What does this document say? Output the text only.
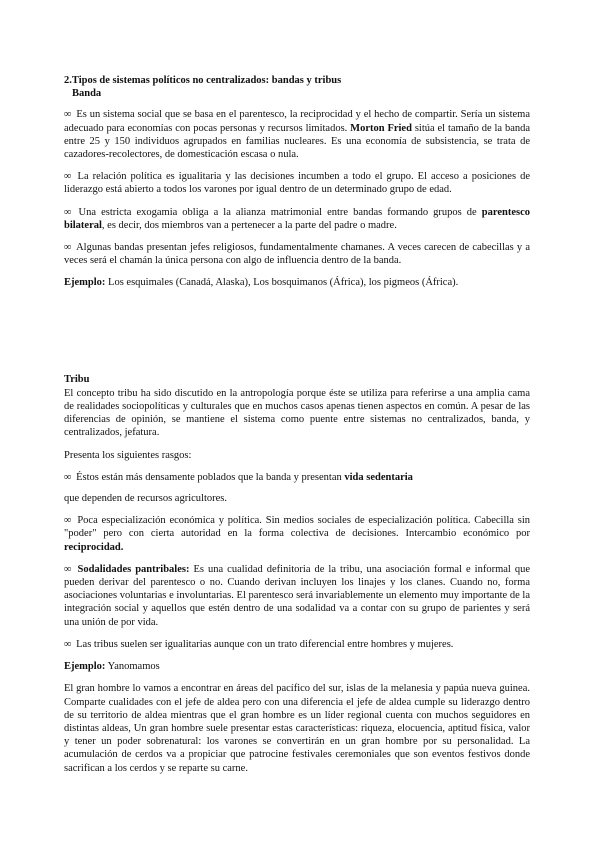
2.Tipos de sistemas políticos no centralizados: bandas y tribus
Banda

∞ Es un sistema social que se basa en el parentesco, la reciprocidad y el hecho de compartir. Sería un sistema adecuado para economías con pocas personas y recursos limitados. Morton Fried sitúa el tamaño de la banda entre 25 y 150 individuos agrupados en familias nucleares. Es una economía de subsistencia, se trata de cazadores-recolectores, de domesticación escasa o nula.

∞ La relación política es igualitaria y las decisiones incumben a todo el grupo. El acceso a posiciones de liderazgo está abierto a todos los varones por igual dentro de un determinado grupo de edad.

∞ Una estricta exogamia obliga a la alianza matrimonial entre bandas formando grupos de parentesco bilateral, es decir, dos miembros van a pertenecer a la parte del padre o madre.

∞ Algunas bandas presentan jefes religiosos, fundamentalmente chamanes. A veces carecen de cabecillas y a veces será el chamán la única persona con algo de influencia dentro de la banda.

Ejemplo: Los esquimales (Canadá, Alaska), Los bosquimanos (África), los pigmeos (África).

Tribu

El concepto tribu ha sido discutido en la antropología porque éste se utiliza para referirse a una amplia cama de realidades sociopolíticas y culturales que en muchos casos apenas tienen aspectos en común. A pesar de las diferencias de opinión, se mantiene el sistema como puente entre sistemas no centralizados, banda, y centralizados, jefatura.

Presenta los siguientes rasgos:

∞ Éstos están más densamente poblados que la banda y presentan vida sedentaria

que dependen de recursos agricultores.

∞ Poca especialización económica y política. Sin medios sociales de especialización política. Cabecilla sin "poder" pero con cierta autoridad en la forma colectiva de decisiones. Intercambio económico por reciprocidad.

∞ Sodalidades pantribales: Es una cualidad definitoria de la tribu, una asociación formal e informal que pueden derivar del parentesco o no. Cuando derivan incluyen los linajes y los clanes. Cuando no, forma asociaciones voluntarias e involuntarias. El parentesco será invariablemente un elemento muy importante de la integración social y aquellos que estén dentro de una sodalidad va a contar con su grupo de parientes y será una unión de por vida.

∞ Las tribus suelen ser igualitarias aunque con un trato diferencial entre hombres y mujeres.

Ejemplo: Yanomamos

El gran hombre lo vamos a encontrar en áreas del pacífico del sur, islas de la melanesia y papúa nueva guinea. Comparte cualidades con el jefe de aldea pero con una diferencia el jefe de aldea cumple su liderazgo dentro de su territorio de aldea mientras que el gran hombre es un líder regional cuenta con muchos seguidores en distintas aldeas, Un gran hombre suele presentar estas características: riqueza, elocuencia, aptitud física, valor y tener un poder sobrenatural: los varones se convertirán en un gran hombre por su personalidad. La acumulación de cerdos va a propiciar que patrocine festivales ceremoniales que son eventos festivos donde sacrifican a los cerdos y se reparte su carne.
